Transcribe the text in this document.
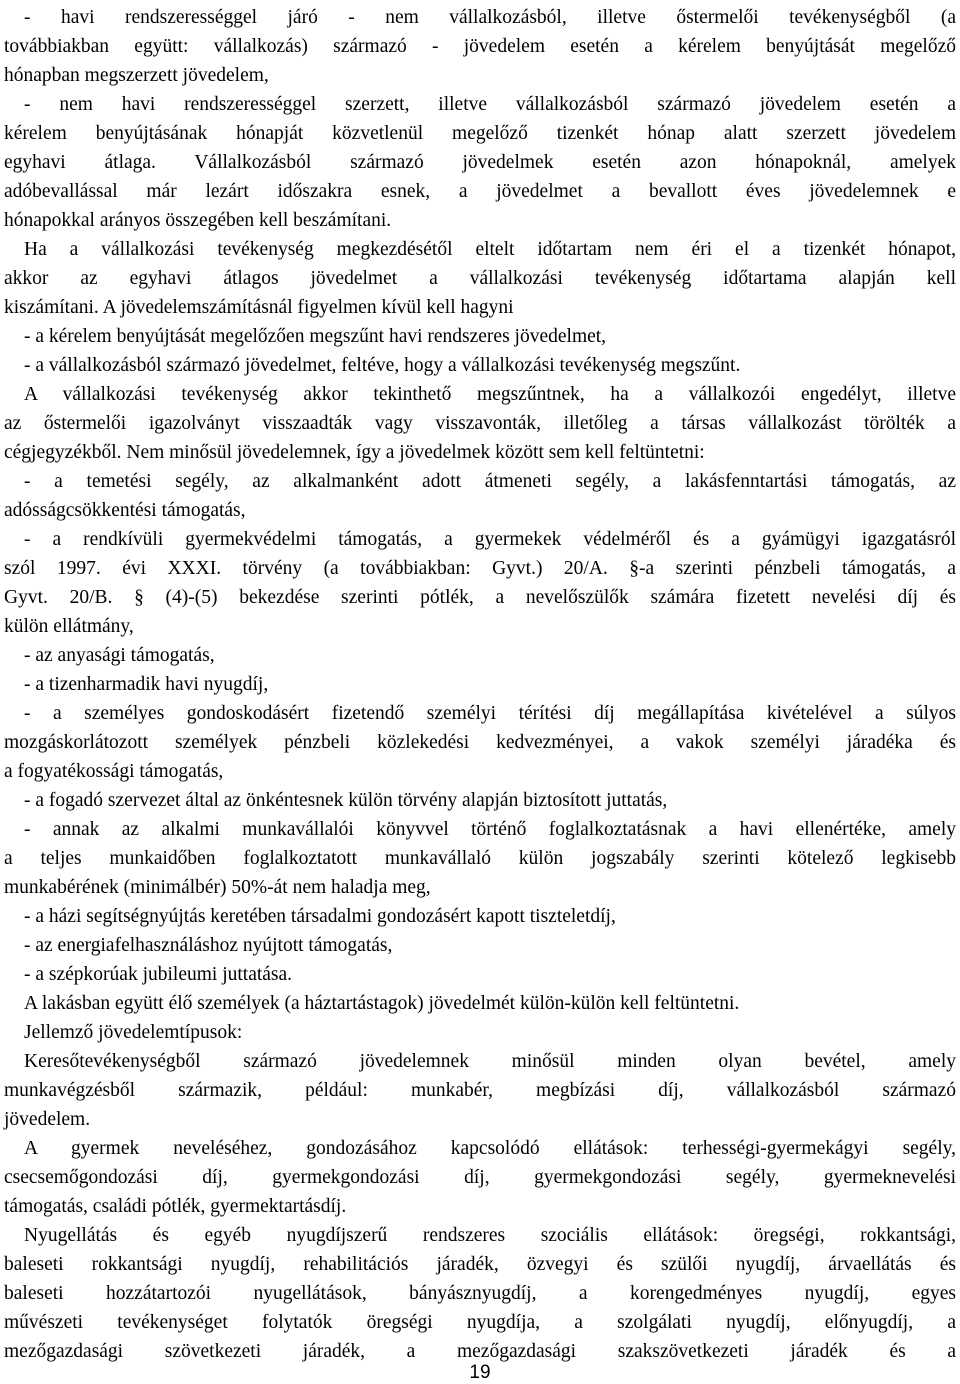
- havi rendszerességgel járó - nem vállalkozásból, illetve őstermelői tevékenységből (a
továbbiakban együtt: vállalkozás) származó - jövedelem esetén a kérelem benyújtását megelőző
hónapban megszerzett jövedelem,
- nem havi rendszerességgel szerzett, illetve vállalkozásból származó jövedelem esetén a
kérelem benyújtásának hónapját közvetlenül megelőző tizenkét hónap alatt szerzett jövedelem
egyhavi átlaga. Vállalkozásból származó jövedelmek esetén azon hónapoknál, amelyek
adóbevallással már lezárt időszakra esnek, a jövedelmet a bevallott éves jövedelemnek e
hónapokkal arányos összegében kell beszámítani.
Ha a vállalkozási tevékenység megkezdésétől eltelt időtartam nem éri el a tizenkét hónapot,
akkor az egyhavi átlagos jövedelmet a vállalkozási tevékenység időtartama alapján kell
kiszámítani. A jövedelemszámításnál figyelmen kívül kell hagyni
- a kérelem benyújtását megelőzően megszűnt havi rendszeres jövedelmet,
- a vállalkozásból származó jövedelmet, feltéve, hogy a vállalkozási tevékenység megszűnt.
A vállalkozási tevékenység akkor tekinthető megszűntnek, ha a vállalkozói engedélyt, illetve
az őstermelői igazolványt visszaadták vagy visszavonták, illetőleg a társas vállalkozást törölték a
cégjegyzékből. Nem minősül jövedelemnek, így a jövedelmek között sem kell feltüntetni:
- a temetési segély, az alkalmanként adott átmeneti segély, a lakásfenntartási támogatás, az
adósságcsökkentési támogatás,
- a rendkívüli gyermekvédelmi támogatás, a gyermekek védelméről és a gyámügyi igazgatásról
szól 1997. évi XXXI. törvény (a továbbiakban: Gyvt.) 20/A. §-a szerinti pénzbeli támogatás, a
Gyvt. 20/B. § (4)-(5) bekezdése szerinti pótlék, a nevelőszülők számára fizetett nevelési díj és
külön ellátmány,
- az anyasági támogatás,
- a tizenharmadik havi nyugdíj,
- a személyes gondoskodásért fizetendő személyi térítési díj megállapítása kivételével a súlyos
mozgáskorlátozott személyek pénzbeli közlekedési kedvezményei, a vakok személyi járadéka és
a fogyatékossági támogatás,
- a fogadó szervezet által az önkéntesnek külön törvény alapján biztosított juttatás,
- annak az alkalmi munkavállalói könyvvel történő foglalkoztatásnak a havi ellenértéke, amely
a teljes munkaidőben foglalkoztatott munkavállaló külön jogszabály szerinti kötelező legkisebb
munkabérének (minimálbér) 50%-át nem haladja meg,
- a házi segítségnyújtás keretében társadalmi gondozásért kapott tiszteletdíj,
- az energiafelhasználáshoz nyújtott támogatás,
- a szépkorúak jubileumi juttatása.
A lakásban együtt élő személyek (a háztartástagok) jövedelmét külön-külön kell feltüntetni.
Jellemző jövedelemtípusok:
Keresőtevékenységből származó jövedelemnek minősül minden olyan bevétel, amely
munkavégzésből származik, például: munkabér, megbízási díj, vállalkozásból származó
jövedelem.
A gyermek neveléséhez, gondozásához kapcsolódó ellátások: terhességi-gyermekágyi segély,
csecsemőgondozási díj, gyermekgondozási díj, gyermekgondozási segély, gyermeknevelési
támogatás, családi pótlék, gyermektartásdíj.
Nyugellátás és egyéb nyugdíjszerű rendszeres szociális ellátások: öregségi, rokkantsági,
baleseti rokkantsági nyugdíj, rehabilitációs járadék, özvegyi és szülői nyugdíj, árvaellátás és
baleseti hozzátartozói nyugellátások, bányásznyugdíj, a korengedményes nyugdíj, egyes
művészeti tevékenységet folytatók öregségi nyugdíja, a szolgálati nyugdíj, előnyugdíj, a
mezőgazdasági szövetkezeti járadék, a mezőgazdasági szakszövetkezeti járadék és a
19
